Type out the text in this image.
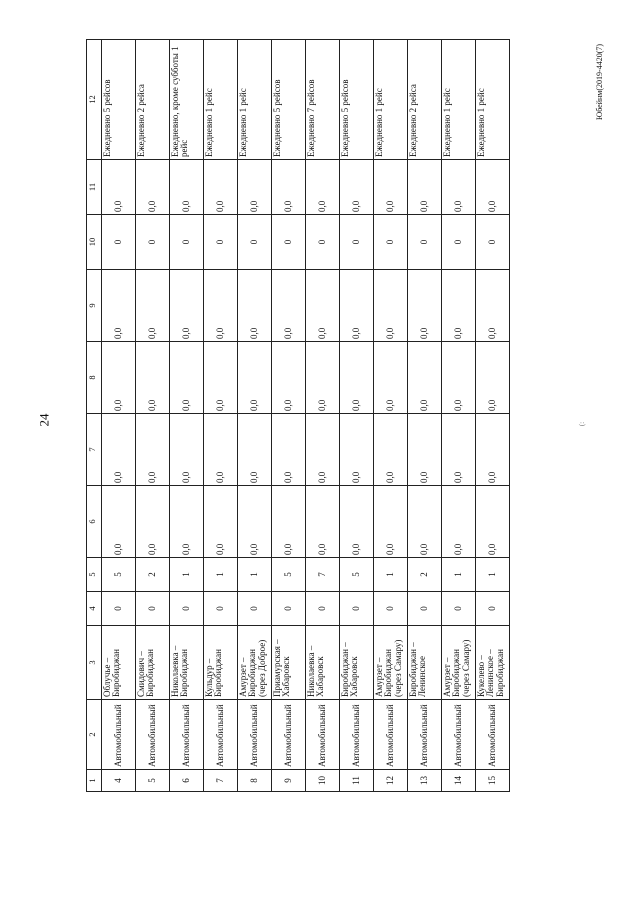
24
Юбейнм(2019-4420(7)
(:
1	2	3	4	5	6	7	8	9	10	11	12
4	Автомобильный	Облучье – Биробиджан	0	5	0,0	0,0	0,0	0,0	0	0,0	Ежедневно 5 рейсов
5	Автомобильный	Смидович – Биробиджан	0	2	0,0	0,0	0,0	0,0	0	0,0	Ежедневно 2 рейса
6	Автомобильный	Николаевка – Биробиджан	0	1	0,0	0,0	0,0	0,0	0	0,0	Ежедневно, кроме субботы 1 рейс
7	Автомобильный	Кульдур – Биробиджан	0	1	0,0	0,0	0,0	0,0	0	0,0	Ежедневно 1 рейс
8	Автомобильный	Амурзет – Биробиджан (через Доброе)	0	1	0,0	0,0	0,0	0,0	0	0,0	Ежедневно 1 рейс
9	Автомобильный	Приамурская – Хабаровск	0	5	0,0	0,0	0,0	0,0	0	0,0	Ежедневно 5 рейсов
10	Автомобильный	Николаевка – Хабаровск	0	7	0,0	0,0	0,0	0,0	0	0,0	Ежедневно 7 рейсов
11	Автомобильный	Биробиджан – Хабаровск	0	5	0,0	0,0	0,0	0,0	0	0,0	Ежедневно 5 рейсов
12	Автомобильный	Амурзет – Биробиджан (через Самару)	0	1	0,0	0,0	0,0	0,0	0	0,0	Ежедневно 1 рейс
13	Автомобильный	Биробиджан – Ленинское	0	2	0,0	0,0	0,0	0,0	0	0,0	Ежедневно 2 рейса
14	Автомобильный	Амурзет – Биробиджан (через Самару)	0	1	0,0	0,0	0,0	0,0	0	0,0	Ежедневно 1 рейс
15	Автомобильный	Кукелево – Ленинское – Биробиджан	0	1	0,0	0,0	0,0	0,0	0	0,0	Ежедневно 1 рейс
